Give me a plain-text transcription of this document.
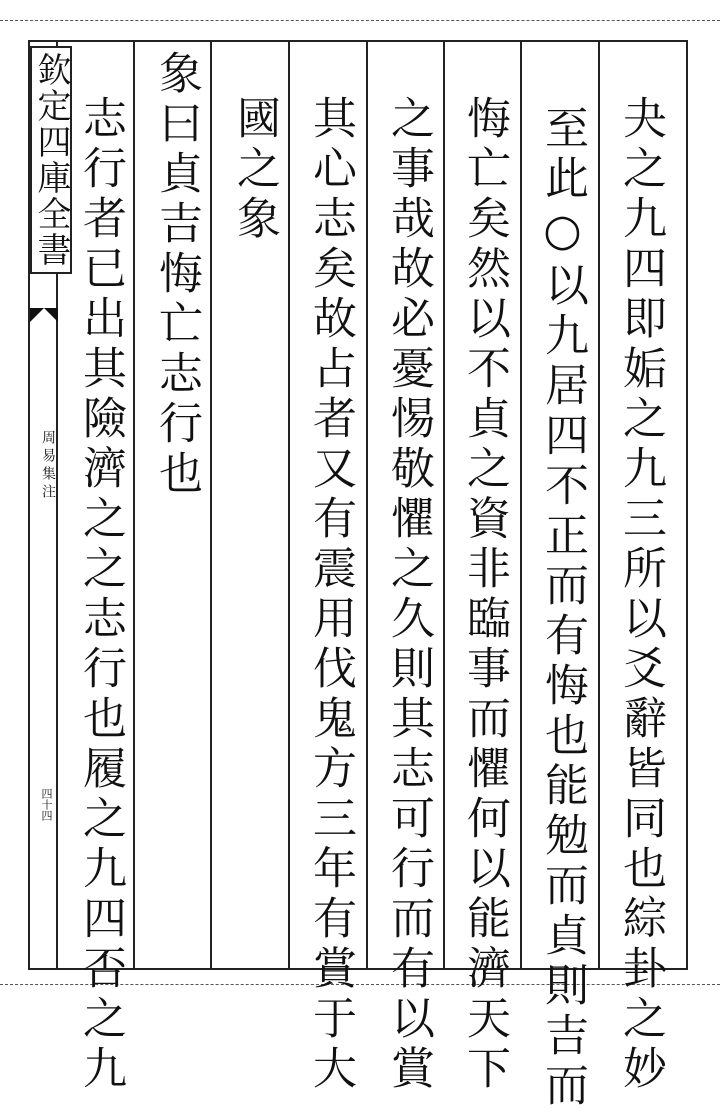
欽定四庫全書
周易集注
四十四	夬之九四即姤之九三所以爻辭皆同也綜卦之妙
至此○以九居四不正而有悔也能勉而貞則吉而
悔亡矣然以不貞之資非臨事而懼何以能濟天下
之事哉故必憂惕敬懼之久則其志可行而有以賞
其心志矣故占者又有震用伐鬼方三年有賞于大
國之象
象曰貞吉悔亡志行也
志行者已出其險濟之之志行也履之九四否之九
